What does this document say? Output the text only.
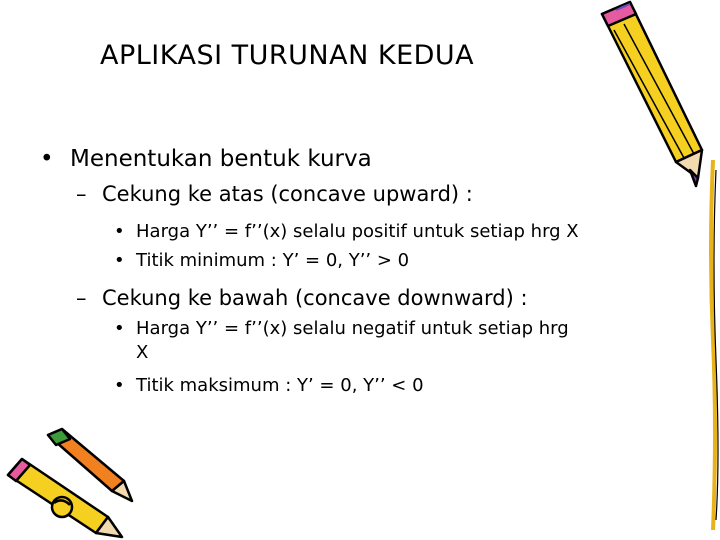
APLIKASI TURUNAN KEDUA
• Menentukan bentuk kurva
– Cekung ke atas (concave upward) :
• Harga Y’’ = f’’(x) selalu positif untuk setiap hrg X
• Titik minimum : Y’ = 0, Y’’ > 0
– Cekung ke bawah (concave downward) :
• Harga Y’’ = f’’(x) selalu negatif untuk setiap hrg
X
• Titik maksimum : Y’ = 0, Y’’ < 0
